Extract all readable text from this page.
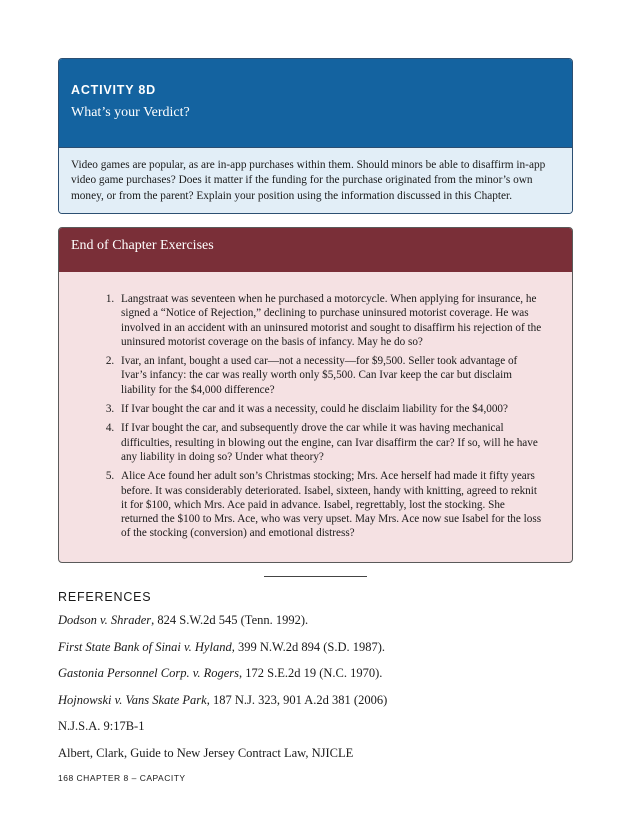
ACTIVITY 8D
What’s your Verdict?
Video games are popular, as are in-app purchases within them. Should minors be able to disaffirm in-app video game purchases? Does it matter if the funding for the purchase originated from the minor’s own money, or from the parent? Explain your position using the information discussed in this Chapter.
End of Chapter Exercises
1. Langstraat was seventeen when he purchased a motorcycle. When applying for insurance, he signed a “Notice of Rejection,” declining to purchase uninsured motorist coverage. He was involved in an accident with an uninsured motorist and sought to disaffirm his rejection of the uninsured motorist coverage on the basis of infancy. May he do so?
2. Ivar, an infant, bought a used car—not a necessity—for $9,500. Seller took advantage of Ivar’s infancy: the car was really worth only $5,500. Can Ivar keep the car but disclaim liability for the $4,000 difference?
3. If Ivar bought the car and it was a necessity, could he disclaim liability for the $4,000?
4. If Ivar bought the car, and subsequently drove the car while it was having mechanical difficulties, resulting in blowing out the engine, can Ivar disaffirm the car? If so, will he have any liability in doing so? Under what theory?
5. Alice Ace found her adult son’s Christmas stocking; Mrs. Ace herself had made it fifty years before. It was considerably deteriorated. Isabel, sixteen, handy with knitting, agreed to reknit it for $100, which Mrs. Ace paid in advance. Isabel, regrettably, lost the stocking. She returned the $100 to Mrs. Ace, who was very upset. May Mrs. Ace now sue Isabel for the loss of the stocking (conversion) and emotional distress?
REFERENCES
Dodson v. Shrader, 824 S.W.2d 545 (Tenn. 1992).
First State Bank of Sinai v. Hyland, 399 N.W.2d 894 (S.D. 1987).
Gastonia Personnel Corp. v. Rogers, 172 S.E.2d 19 (N.C. 1970).
Hojnowski v. Vans Skate Park, 187 N.J. 323, 901 A.2d 381 (2006)
N.J.S.A. 9:17B-1
Albert, Clark, Guide to New Jersey Contract Law, NJICLE
168 CHAPTER 8 – CAPACITY
